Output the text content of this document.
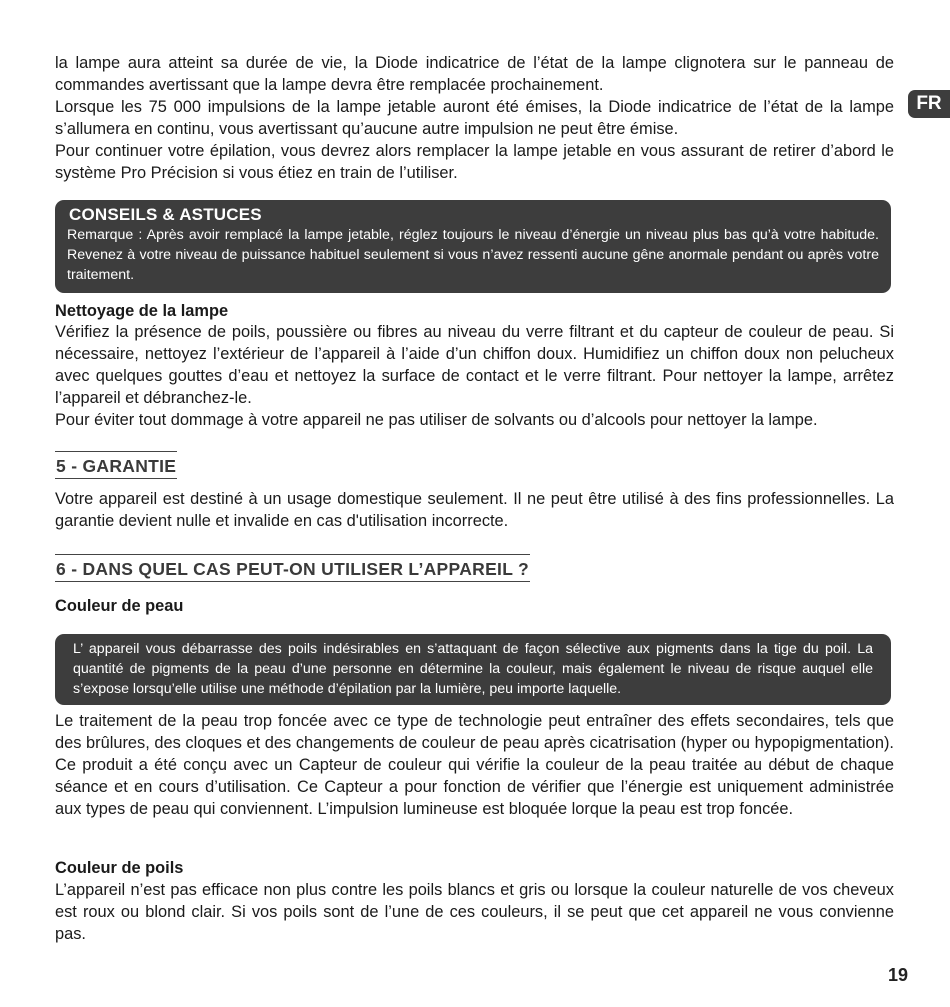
FR

la lampe aura atteint sa durée de vie, la Diode indicatrice de l’état de la lampe clignotera sur le panneau de commandes avertissant que la lampe devra être remplacée prochainement.

Lorsque les 75 000 impulsions de la lampe jetable auront été émises, la Diode indicatrice de l’état de la lampe s’allumera en continu, vous avertissant qu’aucune autre impulsion ne peut être émise.

Pour continuer votre épilation, vous devrez alors remplacer la lampe jetable en vous assurant de retirer d’abord le système Pro Précision si vous étiez en train de l’utiliser.

CONSEILS & ASTUCES
Remarque : Après avoir remplacé la lampe jetable, réglez toujours le niveau d’énergie un niveau plus bas qu’à votre habitude. Revenez à votre niveau de puissance habituel seulement si vous n’avez ressenti aucune gêne anormale pendant ou après votre traitement.
Nettoyage de la lampe

Vérifiez la présence de poils, poussière ou fibres au niveau du verre filtrant et du capteur de couleur de peau. Si nécessaire, nettoyez l’extérieur de l’appareil à l’aide d’un chiffon doux. Humidifiez un chiffon doux non pelucheux avec quelques gouttes d’eau et nettoyez la surface de contact et le verre filtrant. Pour nettoyer la lampe, arrêtez l’appareil et débranchez-le.

Pour éviter tout dommage à votre appareil ne pas utiliser de solvants ou d’alcools pour nettoyer la lampe.

5 - GARANTIE

Votre appareil est destiné à un usage domestique seulement. Il ne peut être utilisé à des fins professionnelles. La garantie devient nulle et invalide en cas d'utilisation incorrecte.

6 - DANS QUEL CAS PEUT-ON UTILISER L’APPAREIL ?
Couleur de peau
L’ appareil vous débarrasse des poils indésirables en s’attaquant de façon sélective aux pigments dans la tige du poil. La quantité de pigments de la peau d’une personne en détermine la couleur, mais également le niveau de risque auquel elle s’expose lorsqu’elle utilise une méthode d’épilation par la lumière, peu importe laquelle.

Le traitement de la peau trop foncée avec ce type de technologie peut entraîner des effets secondaires, tels que des brûlures, des cloques et des changements de couleur de peau après cicatrisation (hyper ou hypopigmentation). Ce produit a été conçu avec un Capteur de couleur qui vérifie la couleur de la peau traitée au début de chaque séance et en cours d’utilisation. Ce Capteur a pour fonction de vérifier que l’énergie est uniquement administrée aux types de peau qui conviennent. L’impulsion lumineuse est bloquée lorque la peau est trop foncée.

Couleur de poils

L’appareil n’est pas efficace non plus contre les poils blancs et gris ou lorsque la couleur naturelle de vos cheveux est roux ou blond clair. Si vos poils sont de l’une de ces couleurs, il se peut que cet appareil ne vous convienne pas.

19
